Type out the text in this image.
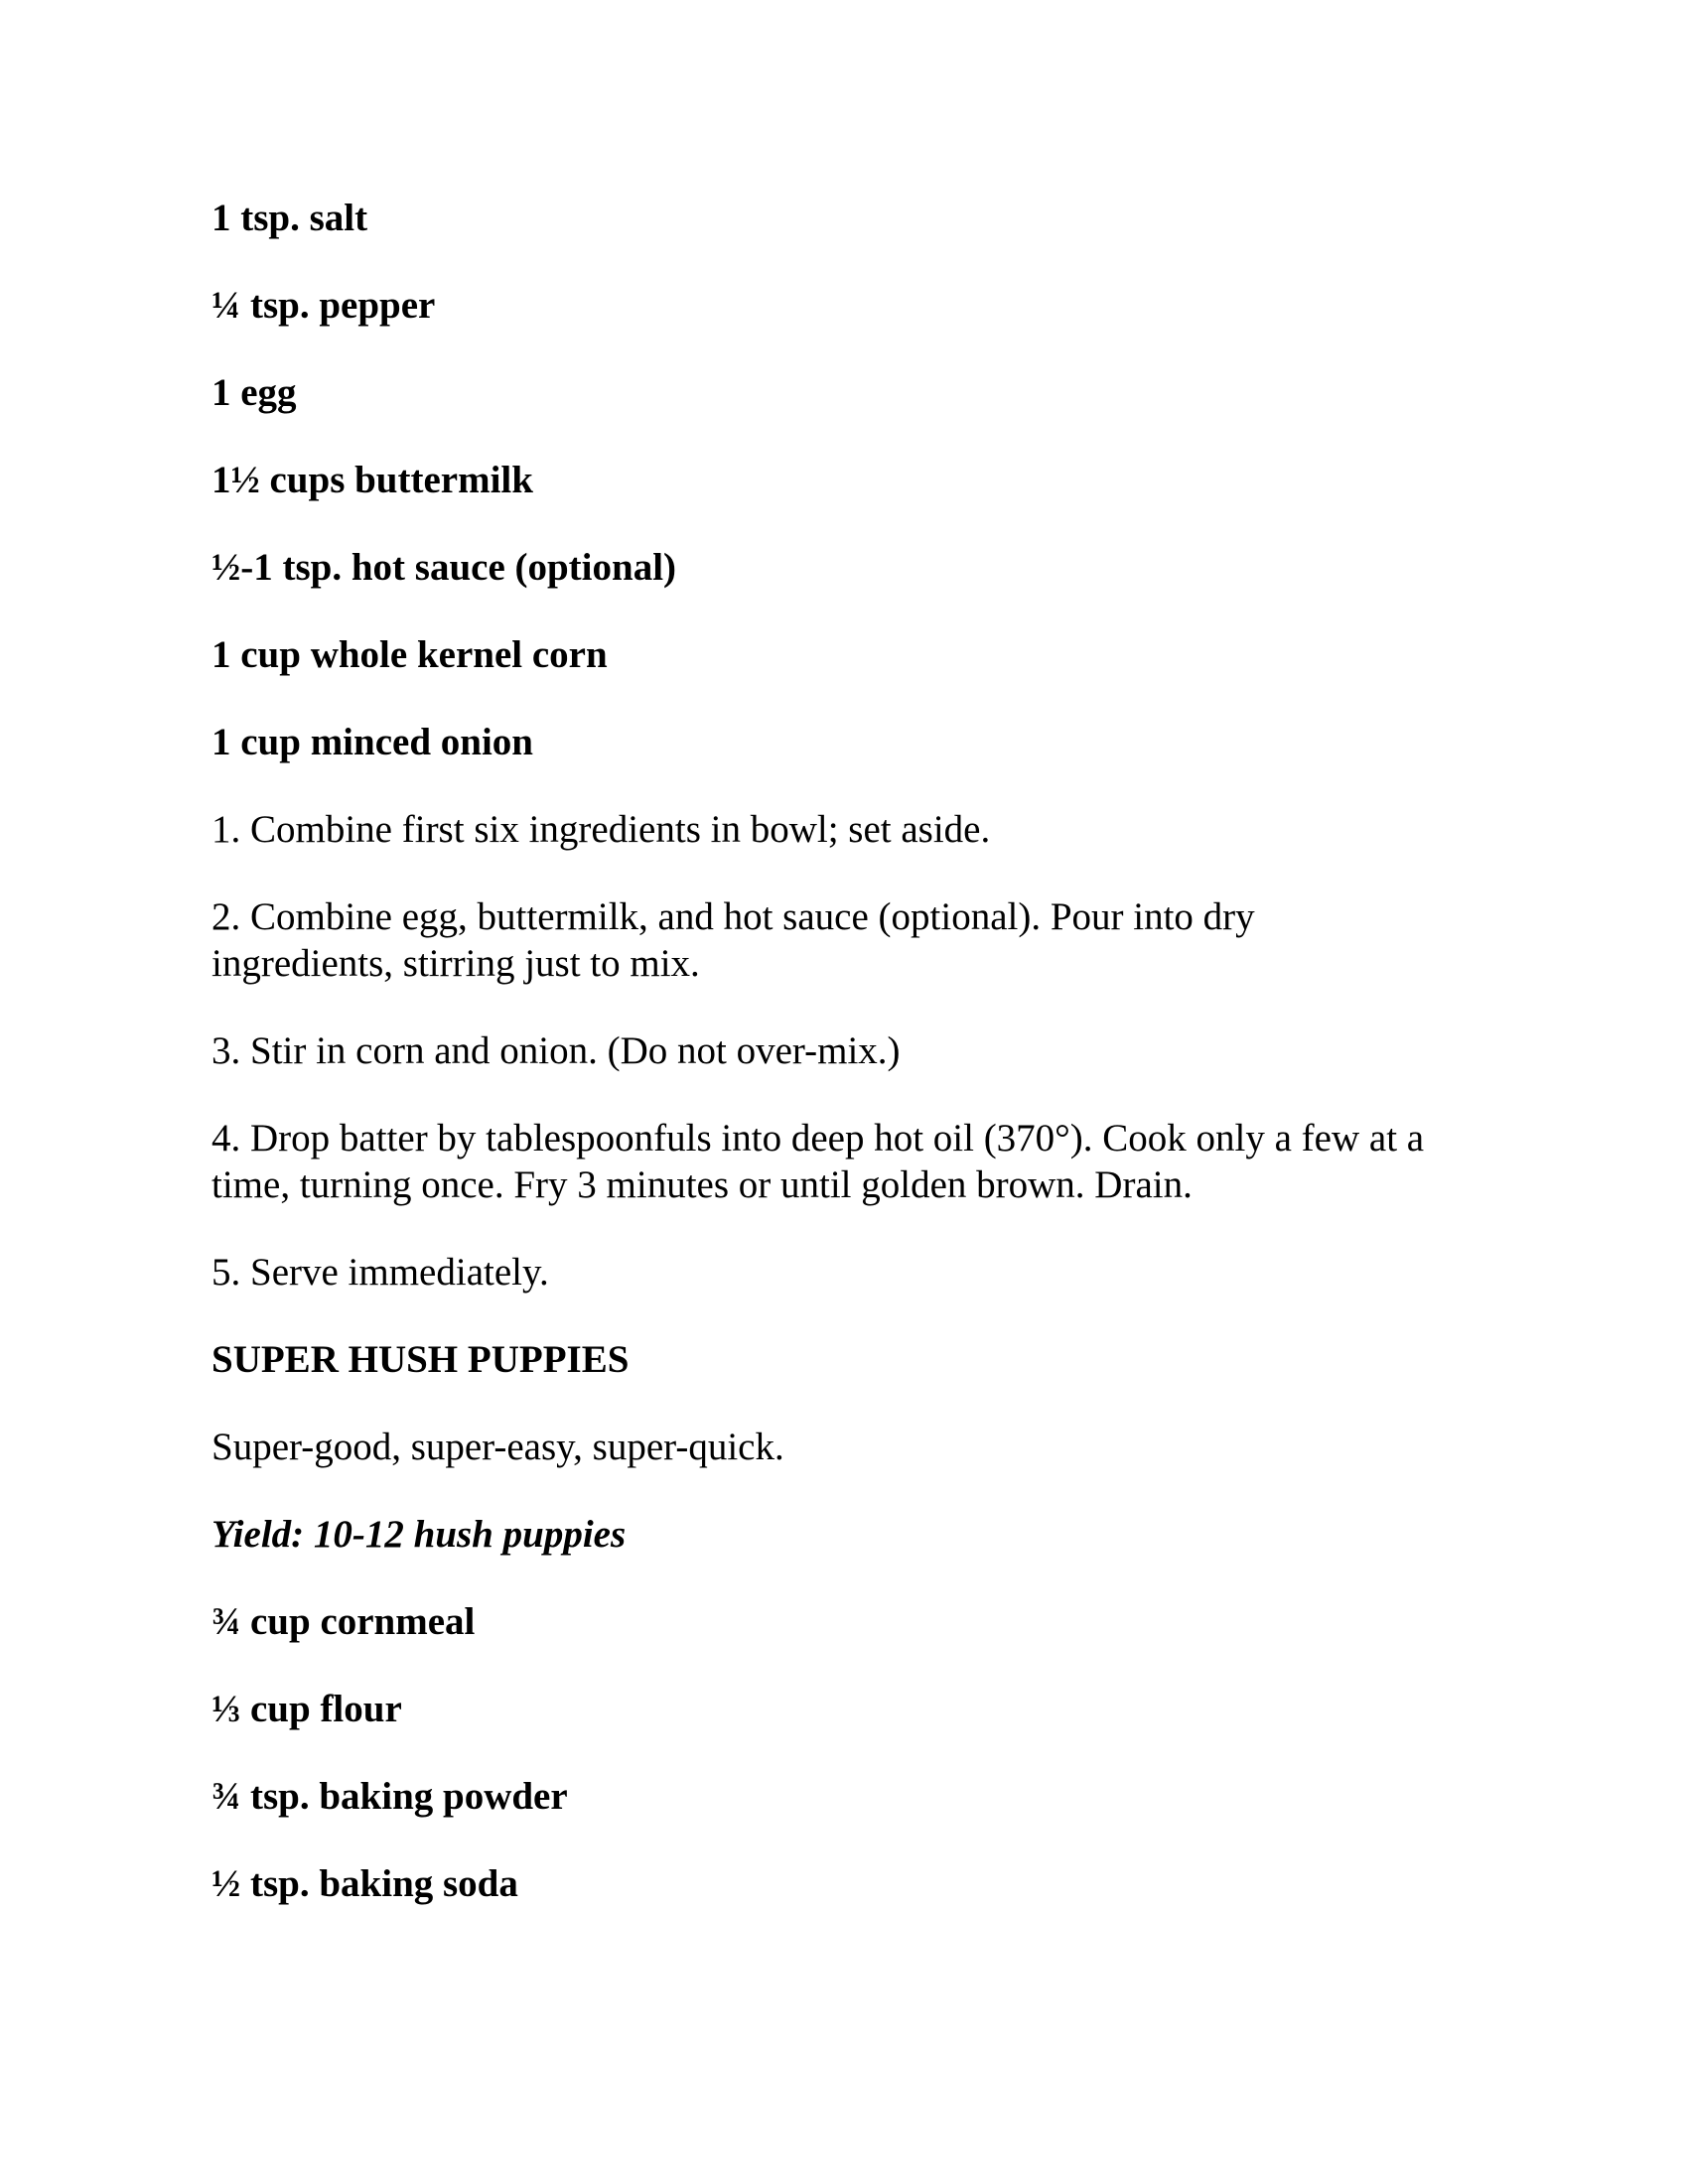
1 tsp. salt
¼ tsp. pepper
1 egg
1½ cups buttermilk
½-1 tsp. hot sauce (optional)
1 cup whole kernel corn
1 cup minced onion
1. Combine first six ingredients in bowl; set aside.
2. Combine egg, buttermilk, and hot sauce (optional). Pour into dry ingredients, stirring just to mix.
3. Stir in corn and onion. (Do not over-mix.)
4. Drop batter by tablespoonfuls into deep hot oil (370°). Cook only a few at a time, turning once. Fry 3 minutes or until golden brown. Drain.
5. Serve immediately.
SUPER HUSH PUPPIES
Super-good, super-easy, super-quick.
Yield: 10-12 hush puppies
¾ cup cornmeal
⅓ cup flour
¾ tsp. baking powder
½ tsp. baking soda
